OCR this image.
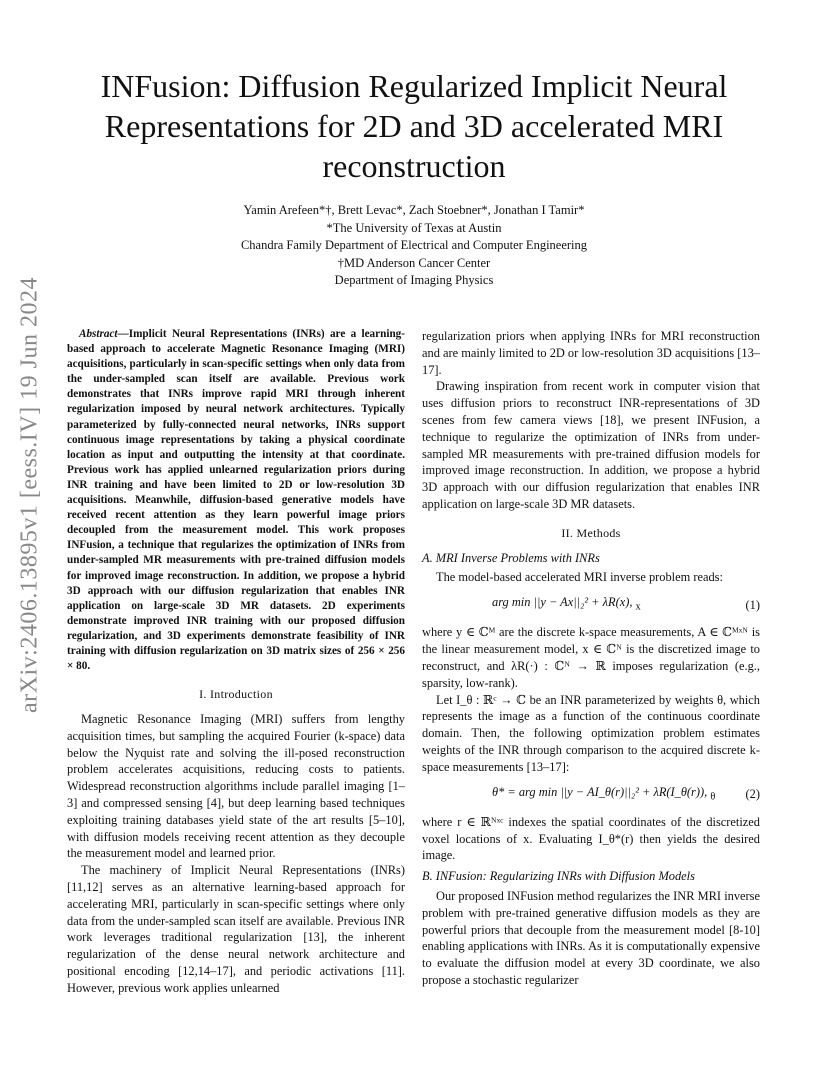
arXiv:2406.13895v1 [eess.IV] 19 Jun 2024
INFusion: Diffusion Regularized Implicit Neural Representations for 2D and 3D accelerated MRI reconstruction
Yamin Arefeen*†, Brett Levac*, Zach Stoebner*, Jonathan I Tamir*
*The University of Texas at Austin
Chandra Family Department of Electrical and Computer Engineering
†MD Anderson Cancer Center
Department of Imaging Physics

Abstract—Implicit Neural Representations (INRs) are a learning-based approach to accelerate Magnetic Resonance Imaging (MRI) acquisitions, particularly in scan-specific settings when only data from the under-sampled scan itself are available. Previous work demonstrates that INRs improve rapid MRI through inherent regularization imposed by neural network architectures. Typically parameterized by fully-connected neural networks, INRs support continuous image representations by taking a physical coordinate location as input and outputting the intensity at that coordinate. Previous work has applied unlearned regularization priors during INR training and have been limited to 2D or low-resolution 3D acquisitions. Meanwhile, diffusion-based generative models have received recent attention as they learn powerful image priors decoupled from the measurement model. This work proposes INFusion, a technique that regularizes the optimization of INRs from under-sampled MR measurements with pre-trained diffusion models for improved image reconstruction. In addition, we propose a hybrid 3D approach with our diffusion regularization that enables INR application on large-scale 3D MR datasets. 2D experiments demonstrate improved INR training with our proposed diffusion regularization, and 3D experiments demonstrate feasibility of INR training with diffusion regularization on 3D matrix sizes of 256 × 256 × 80.

I. Introduction

Magnetic Resonance Imaging (MRI) suffers from lengthy acquisition times, but sampling the acquired Fourier (k-space) data below the Nyquist rate and solving the ill-posed reconstruction problem accelerates acquisitions, reducing costs to patients. Widespread reconstruction algorithms include parallel imaging [1–3] and compressed sensing [4], but deep learning based techniques exploiting training databases yield state of the art results [5–10], with diffusion models receiving recent attention as they decouple the measurement model and learned prior.

The machinery of Implicit Neural Representations (INRs) [11,12] serves as an alternative learning-based approach for accelerating MRI, particularly in scan-specific settings where only data from the under-sampled scan itself are available. Previous INR work leverages traditional regularization [13], the inherent regularization of the dense neural network architecture and positional encoding [12,14–17], and periodic activations [11]. However, previous work applies unlearned

regularization priors when applying INRs for MRI reconstruction and are mainly limited to 2D or low-resolution 3D acquisitions [13–17].

Drawing inspiration from recent work in computer vision that uses diffusion priors to reconstruct INR-representations of 3D scenes from few camera views [18], we present INFusion, a technique to regularize the optimization of INRs from under-sampled MR measurements with pre-trained diffusion models for improved image reconstruction. In addition, we propose a hybrid 3D approach with our diffusion regularization that enables INR application on large-scale 3D MR datasets.

II. Methods
A. MRI Inverse Problems with INRs

The model-based accelerated MRI inverse problem reads:

arg min ||y − Ax||₂² + λR(x), $_x$	(1)

where y ∈ ℂᴹ are the discrete k-space measurements, A ∈ ℂᴹˣᴺ is the linear measurement model, x ∈ ℂᴺ is the discretized image to reconstruct, and λR(·) : ℂᴺ → ℝ imposes regularization (e.g., sparsity, low-rank).

Let I_θ : ℝᶜ → ℂ be an INR parameterized by weights θ, which represents the image as a function of the continuous coordinate domain. Then, the following optimization problem estimates weights of the INR through comparison to the acquired discrete k-space measurements [13–17]:

θ* = arg min ||y − AI_θ(r)||₂² + λR(I_θ(r)), $_\theta$ (2)

where r ∈ ℝᴺˣᶜ indexes the spatial coordinates of the discretized voxel locations of x. Evaluating I_θ*(r) then yields the desired image.

B. INFusion: Regularizing INRs with Diffusion Models

Our proposed INFusion method regularizes the INR MRI inverse problem with pre-trained generative diffusion models as they are powerful priors that decouple from the measurement model [8-10] enabling applications with INRs. As it is computationally expensive to evaluate the diffusion model at every 3D coordinate, we also propose a stochastic regularizer
